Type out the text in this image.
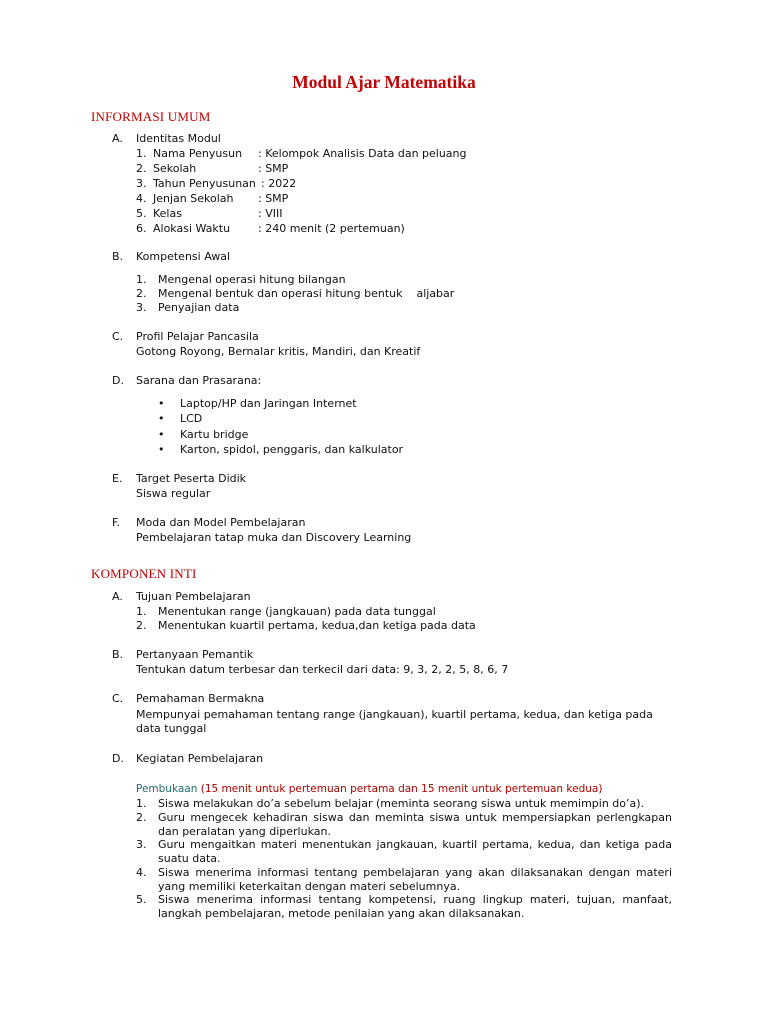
Modul Ajar Matematika
INFORMASI UMUM
A. Identitas Modul
1. Nama Penyusun : Kelompok Analisis Data dan peluang
2. Sekolah	: SMP
3. Tahun Penyusunan : 2022
4. Jenjan Sekolah : SMP
5. Kelas	: VIII
6. Alokasi Waktu	: 240 menit (2 pertemuan)
B. Kompetensi Awal
1. Mengenal operasi hitung bilangan
2. Mengenal bentuk dan operasi hitung bentuk    aljabar
3. Penyajian data
C. Profil Pelajar Pancasila
Gotong Royong, Bernalar kritis, Mandiri, dan Kreatif
D. Sarana dan Prasarana:
• Laptop/HP dan Jaringan Internet
• LCD
• Kartu bridge
• Karton, spidol, penggaris, dan kalkulator
E. Target Peserta Didik
Siswa regular
F. Moda dan Model Pembelajaran
Pembelajaran tatap muka dan Discovery Learning
KOMPONEN INTI
A. Tujuan Pembelajaran
1. Menentukan range (jangkauan) pada data tunggal
2. Menentukan kuartil pertama, kedua,dan ketiga pada data
B. Pertanyaan Pemantik
Tentukan datum terbesar dan terkecil dari data: 9, 3, 2, 2, 5, 8, 6, 7
C. Pemahaman Bermakna
Mempunyai pemahaman tentang range (jangkauan), kuartil pertama, kedua, dan ketiga pada
data tunggal
D. Kegiatan Pembelajaran
Pembukaan (15 menit untuk pertemuan pertama dan 15 menit untuk pertemuan kedua)
1. Siswa melakukan do’a sebelum belajar (meminta seorang siswa untuk memimpin do’a).
2. Guru mengecek kehadiran siswa dan meminta siswa untuk mempersiapkan perlengkapan dan peralatan yang diperlukan.
3. Guru mengaitkan materi menentukan jangkauan, kuartil pertama, kedua, dan ketiga pada suatu data.
4. Siswa menerima informasi tentang pembelajaran yang akan dilaksanakan dengan materi yang memiliki keterkaitan dengan materi sebelumnya.
5. Siswa menerima informasi tentang kompetensi, ruang lingkup materi, tujuan, manfaat, langkah pembelajaran, metode penilaian yang akan dilaksanakan.
